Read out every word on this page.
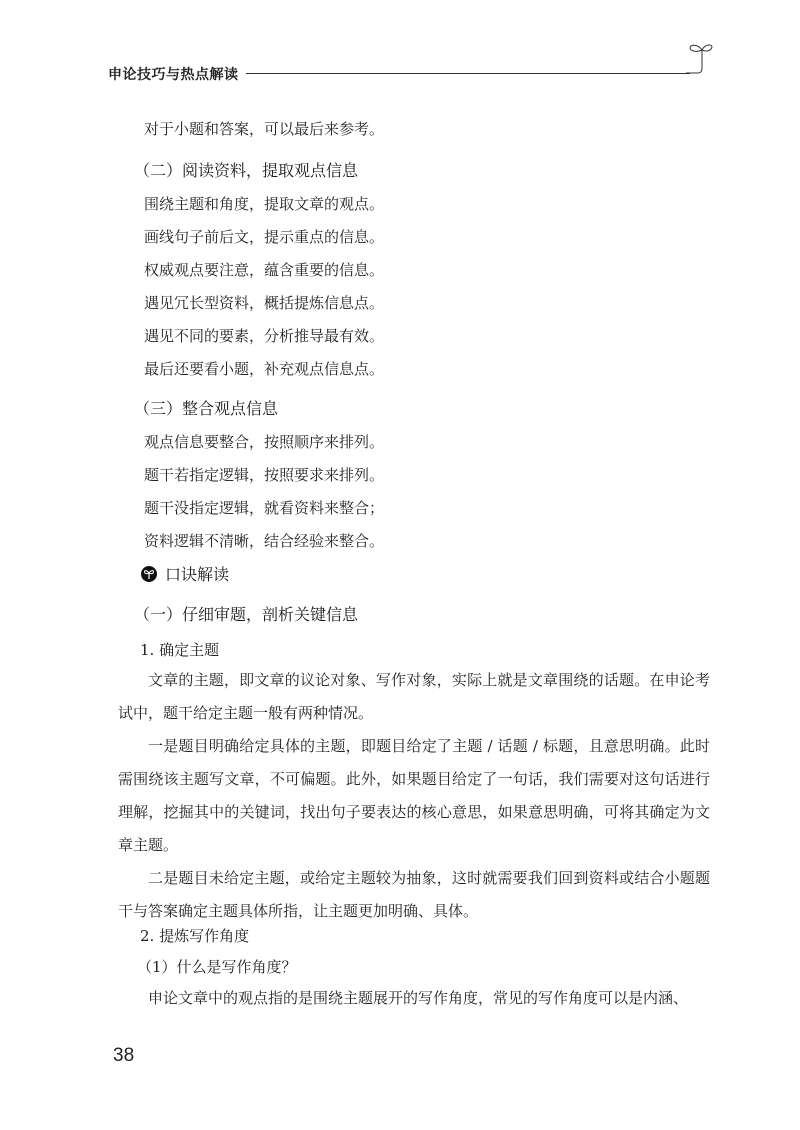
申论技巧与热点解读
对于小题和答案，可以最后来参考。
（二）阅读资料，提取观点信息
围绕主题和角度，提取文章的观点。
画线句子前后文，提示重点的信息。
权威观点要注意，蕴含重要的信息。
遇见冗长型资料，概括提炼信息点。
遇见不同的要素，分析推导最有效。
最后还要看小题，补充观点信息点。
（三）整合观点信息
观点信息要整合，按照顺序来排列。
题干若指定逻辑，按照要求来排列。
题干没指定逻辑，就看资料来整合；
资料逻辑不清晰，结合经验来整合。
口诀解读
（一）仔细审题，剖析关键信息
1. 确定主题
文章的主题，即文章的议论对象、写作对象，实际上就是文章围绕的话题。在申论考试中，题干给定主题一般有两种情况。
一是题目明确给定具体的主题，即题目给定了主题 / 话题 / 标题，且意思明确。此时需围绕该主题写文章，不可偏题。此外，如果题目给定了一句话，我们需要对这句话进行理解，挖掘其中的关键词，找出句子要表达的核心意思，如果意思明确，可将其确定为文章主题。
二是题目未给定主题，或给定主题较为抽象，这时就需要我们回到资料或结合小题题干与答案确定主题具体所指，让主题更加明确、具体。
2. 提炼写作角度
（1）什么是写作角度？
申论文章中的观点指的是围绕主题展开的写作角度，常见的写作角度可以是内涵、
38
